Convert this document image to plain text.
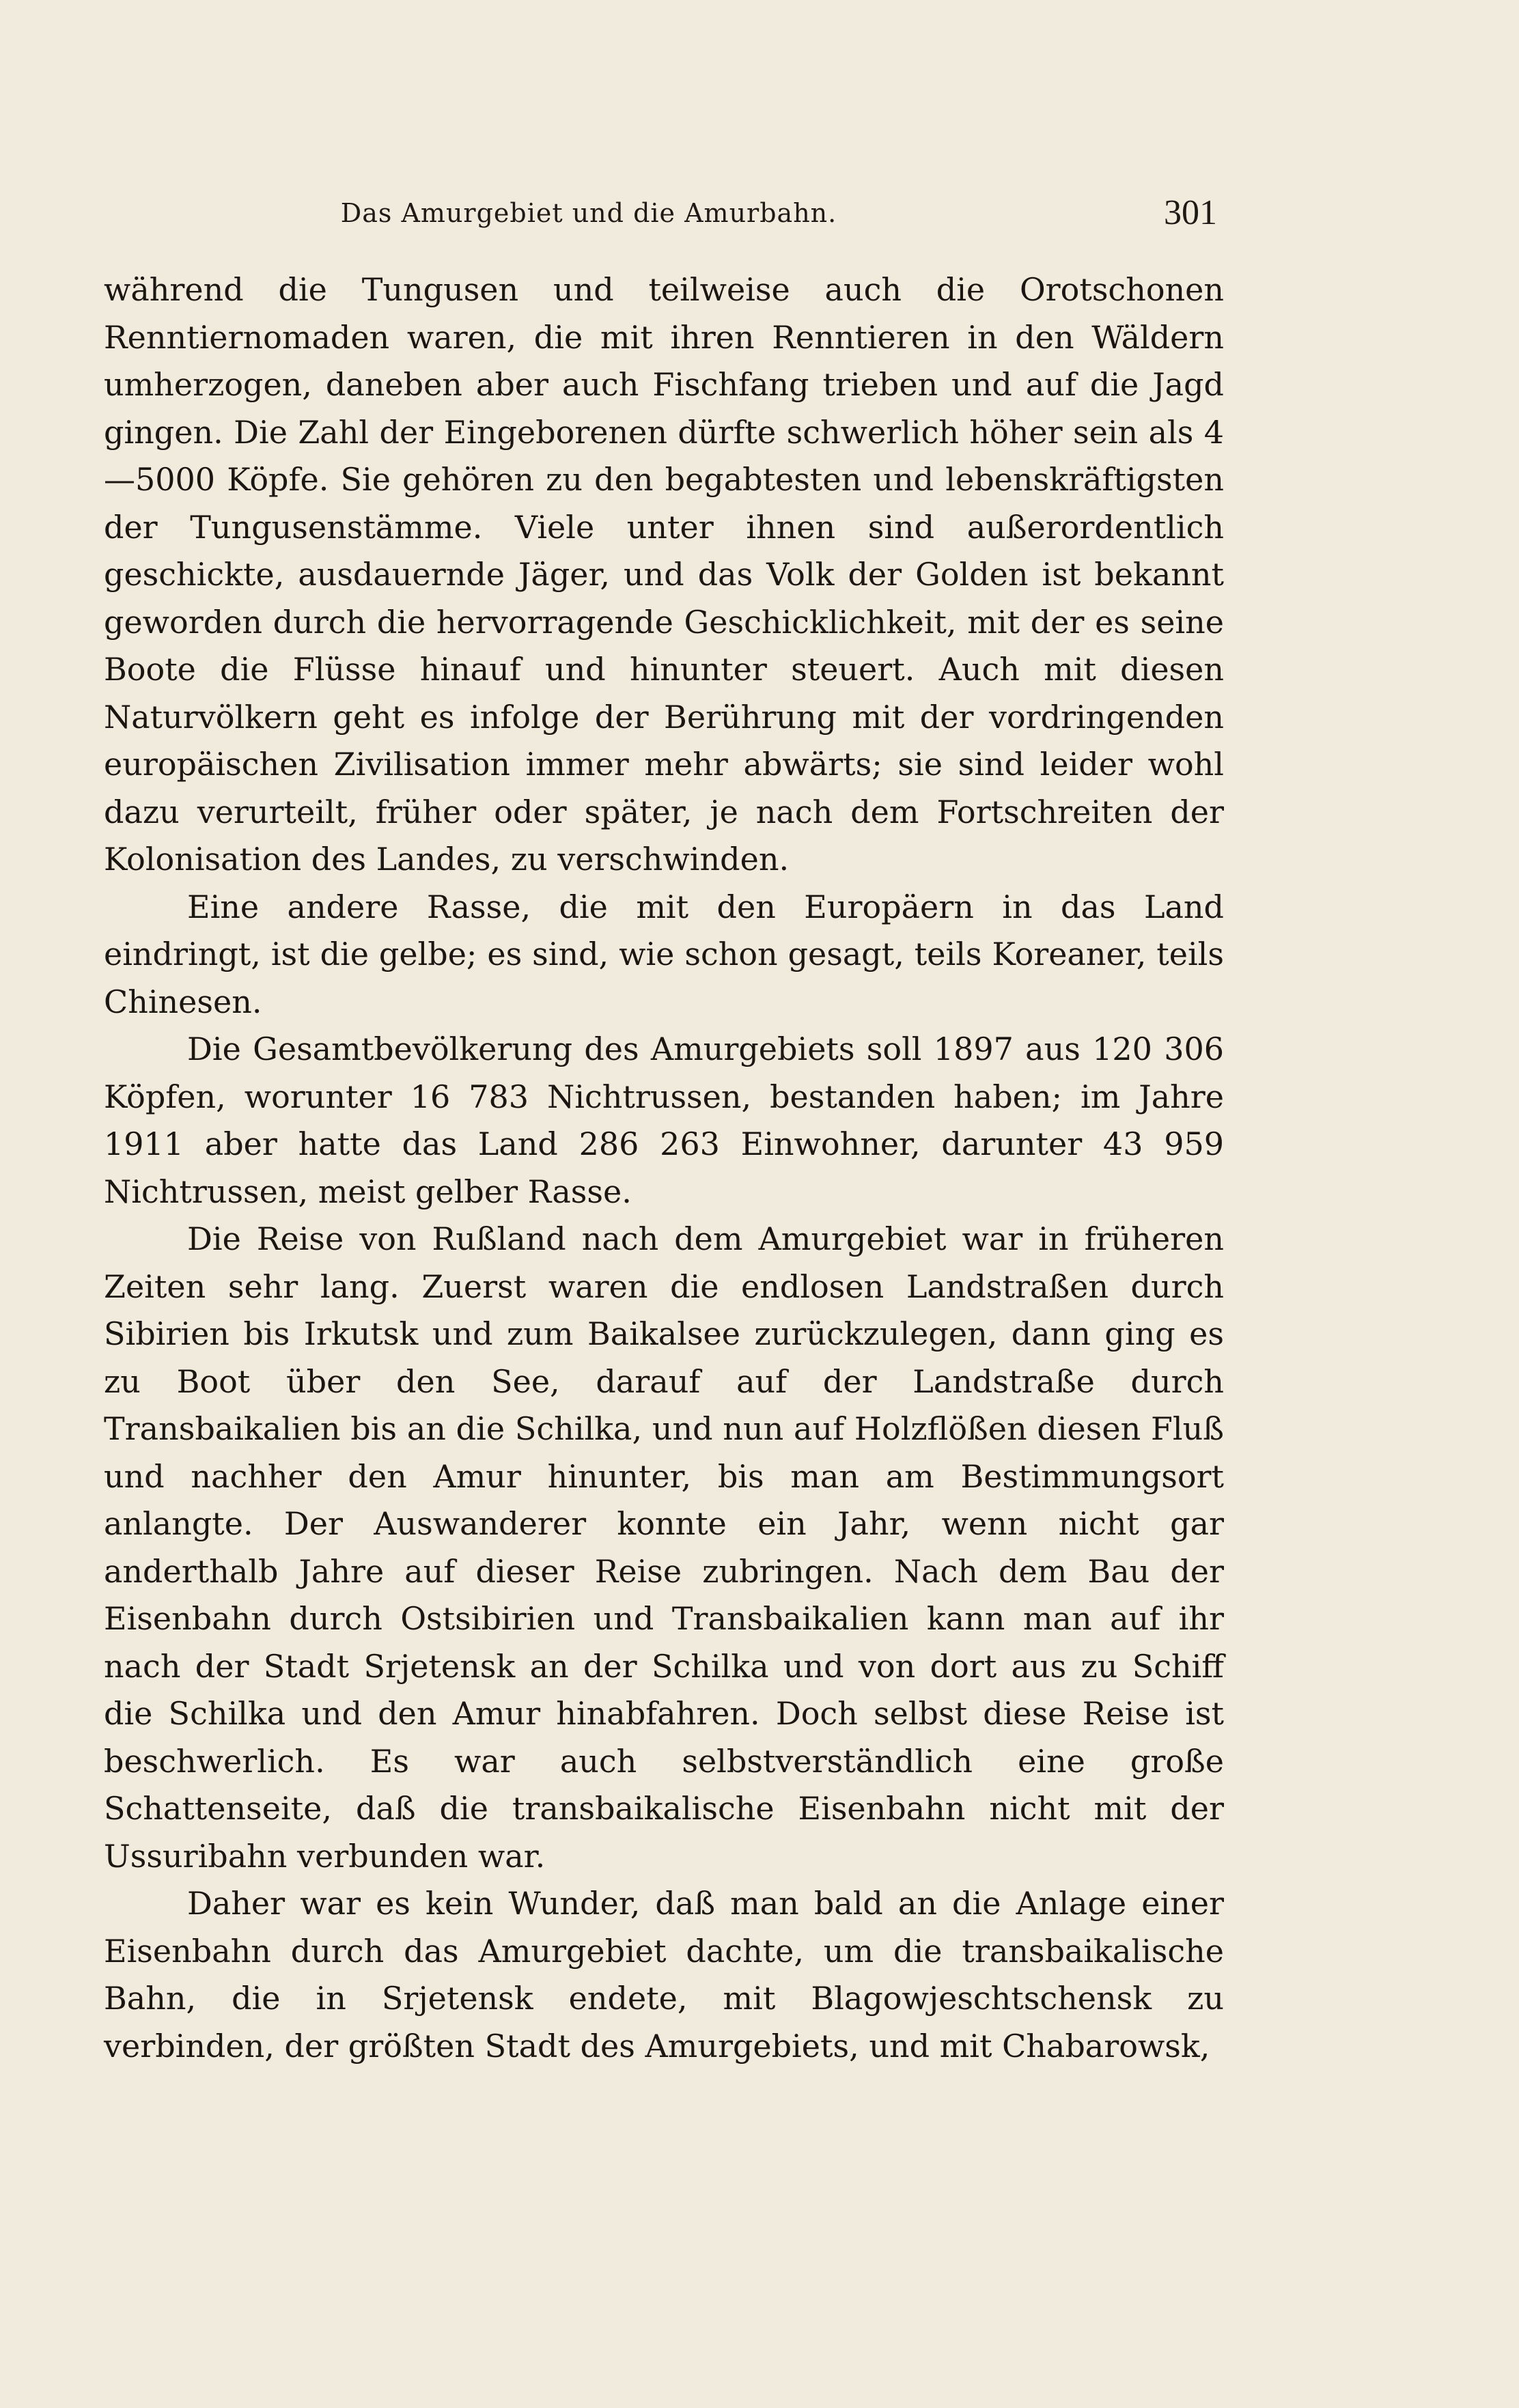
Das Amurgebiet und die Amurbahn.	301

während die Tungusen und teilweise auch die Orotschonen Renntiernomaden waren, die mit ihren Renntieren in den Wäldern umherzogen, daneben aber auch Fischfang trieben und auf die Jagd gingen. Die Zahl der Eingeborenen dürfte schwerlich höher sein als 4—5000 Köpfe. Sie gehören zu den begabtesten und lebenskräftigsten der Tungusenstämme. Viele unter ihnen sind außerordentlich geschickte, ausdauernde Jäger, und das Volk der Golden ist bekannt geworden durch die hervorragende Geschicklichkeit, mit der es seine Boote die Flüsse hinauf und hinunter steuert. Auch mit diesen Naturvölkern geht es infolge der Berührung mit der vordringenden europäischen Zivilisation immer mehr abwärts; sie sind leider wohl dazu verurteilt, früher oder später, je nach dem Fortschreiten der Kolonisation des Landes, zu verschwinden.

Eine andere Rasse, die mit den Europäern in das Land eindringt, ist die gelbe; es sind, wie schon gesagt, teils Koreaner, teils Chinesen.

Die Gesamtbevölkerung des Amurgebiets soll 1897 aus 120 306 Köpfen, worunter 16 783 Nichtrussen, bestanden haben; im Jahre 1911 aber hatte das Land 286 263 Einwohner, darunter 43 959 Nichtrussen, meist gelber Rasse.

Die Reise von Rußland nach dem Amurgebiet war in früheren Zeiten sehr lang. Zuerst waren die endlosen Landstraßen durch Sibirien bis Irkutsk und zum Baikalsee zurückzulegen, dann ging es zu Boot über den See, darauf auf der Landstraße durch Transbaikalien bis an die Schilka, und nun auf Holzflößen diesen Fluß und nachher den Amur hinunter, bis man am Bestimmungsort anlangte. Der Auswanderer konnte ein Jahr, wenn nicht gar anderthalb Jahre auf dieser Reise zubringen. Nach dem Bau der Eisenbahn durch Ostsibirien und Transbaikalien kann man auf ihr nach der Stadt Srjetensk an der Schilka und von dort aus zu Schiff die Schilka und den Amur hinabfahren. Doch selbst diese Reise ist beschwerlich. Es war auch selbstverständlich eine große Schattenseite, daß die transbaikalische Eisenbahn nicht mit der Ussuribahn verbunden war.

Daher war es kein Wunder, daß man bald an die Anlage einer Eisenbahn durch das Amurgebiet dachte, um die transbaikalische Bahn, die in Srjetensk endete, mit Blagowjeschtschensk zu verbinden, der größten Stadt des Amurgebiets, und mit Chabarowsk,
